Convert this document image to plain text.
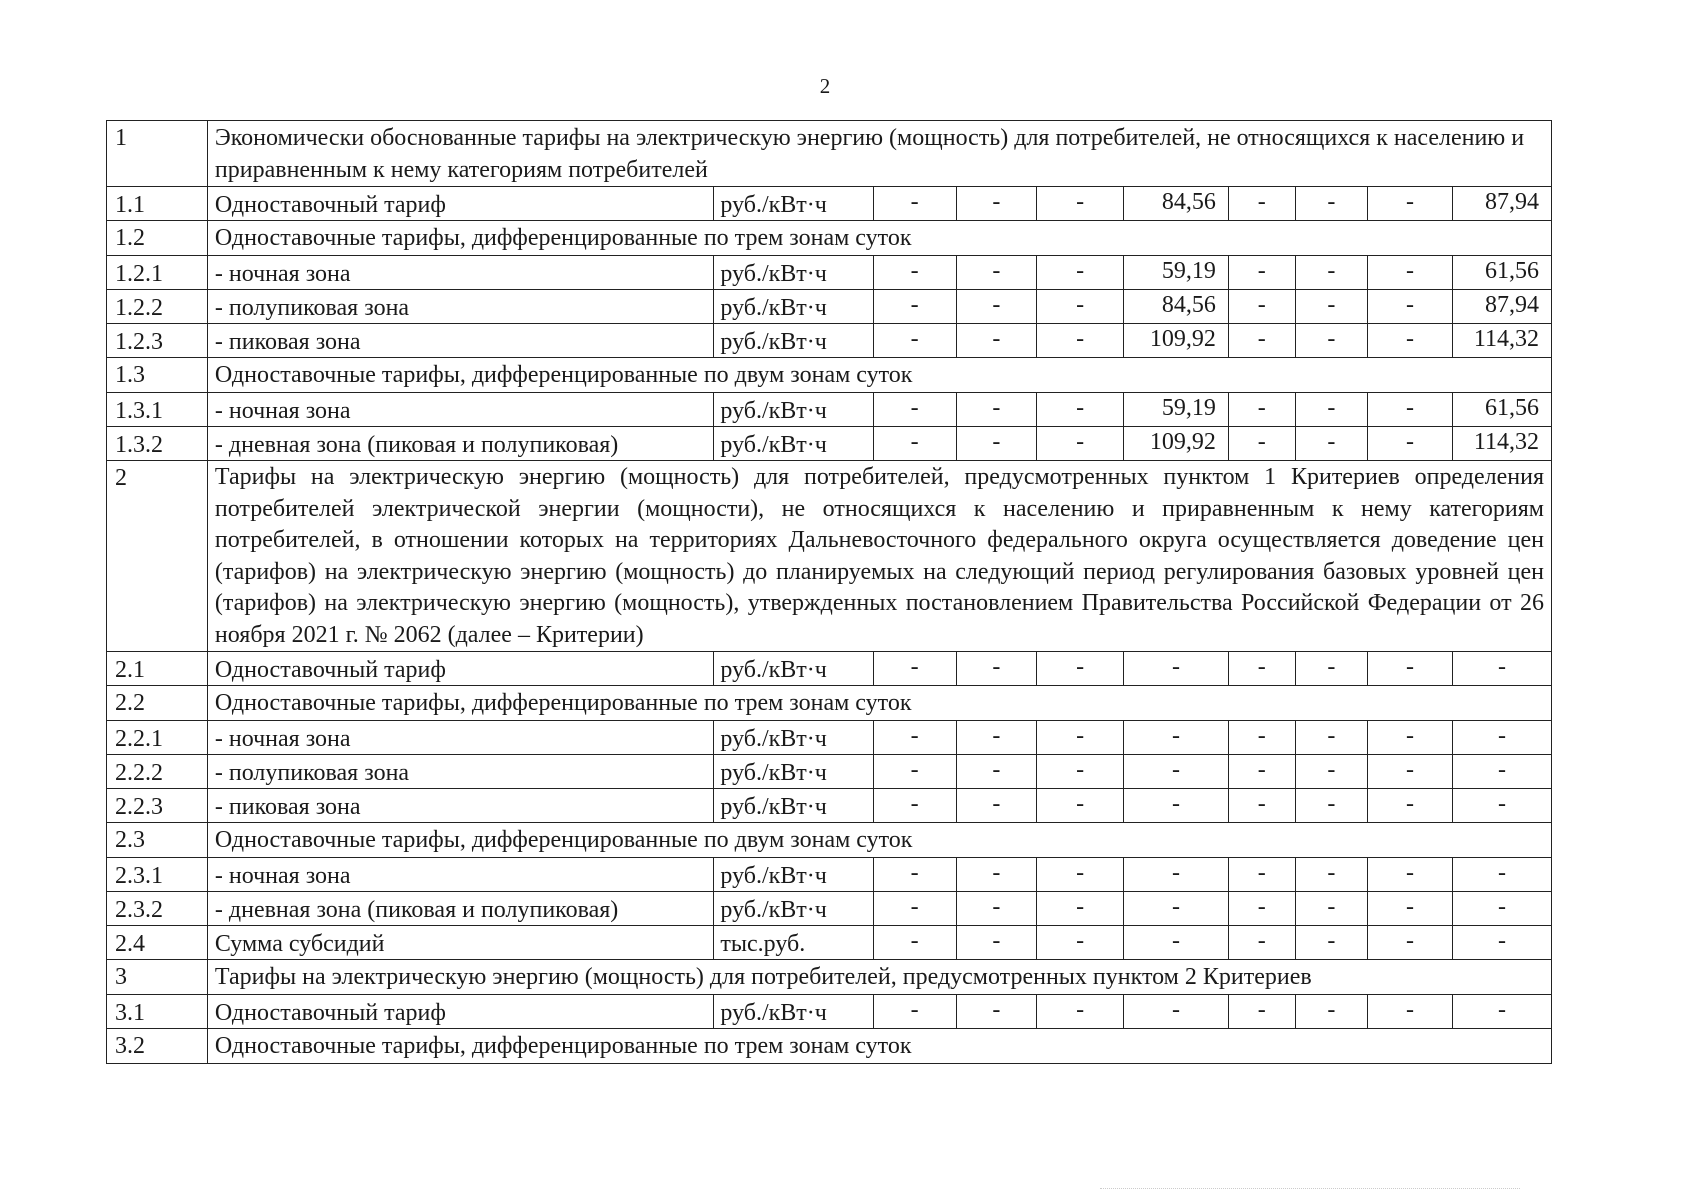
2
1	Экономически обоснованные тарифы на электрическую энергию (мощность) для потребителей, не относящихся к населению и приравненным к нему категориям потребителей									
1.1	Одноставочный тариф	руб./кВт·ч	-	-	-	84,56	-	-	-	87,94
1.2	Одноставочные тарифы, дифференцированные по трем зонам суток									
1.2.1	- ночная зона	руб./кВт·ч	-	-	-	59,19	-	-	-	61,56
1.2.2	- полупиковая зона	руб./кВт·ч	-	-	-	84,56	-	-	-	87,94
1.2.3	- пиковая зона	руб./кВт·ч	-	-	-	109,92	-	-	-	114,32
1.3	Одноставочные тарифы, дифференцированные по двум зонам суток									
1.3.1	- ночная зона	руб./кВт·ч	-	-	-	59,19	-	-	-	61,56
1.3.2	- дневная зона (пиковая и полупиковая)	руб./кВт·ч	-	-	-	109,92	-	-	-	114,32
2	Тарифы на электрическую энергию (мощность) для потребителей, предусмотренных пунктом 1 Критериев определения потребителей электрической энергии (мощности), не относящихся к населению и приравненным к нему категориям потребителей, в отношении которых на территориях Дальневосточного федерального округа осуществляется доведение цен (тарифов) на электрическую энергию (мощность) до планируемых на следующий период регулирования базовых уровней цен (тарифов) на электрическую энергию (мощность), утвержденных постановлением Правительства Российской Федерации от 26 ноября 2021 г. № 2062 (далее – Критерии)									
2.1	Одноставочный тариф	руб./кВт·ч	-	-	-	-	-	-	-	-
2.2	Одноставочные тарифы, дифференцированные по трем зонам суток									
2.2.1	- ночная зона	руб./кВт·ч	-	-	-	-	-	-	-	-
2.2.2	- полупиковая зона	руб./кВт·ч	-	-	-	-	-	-	-	-
2.2.3	- пиковая зона	руб./кВт·ч	-	-	-	-	-	-	-	-
2.3	Одноставочные тарифы, дифференцированные по двум зонам суток									
2.3.1	- ночная зона	руб./кВт·ч	-	-	-	-	-	-	-	-
2.3.2	- дневная зона (пиковая и полупиковая)	руб./кВт·ч	-	-	-	-	-	-	-	-
2.4	Сумма субсидий	тыс.руб.	-	-	-	-	-	-	-	-
3	Тарифы на электрическую энергию (мощность) для потребителей, предусмотренных пунктом 2 Критериев									
3.1	Одноставочный тариф	руб./кВт·ч	-	-	-	-	-	-	-	-
3.2	Одноставочные тарифы, дифференцированные по трем зонам суток									
